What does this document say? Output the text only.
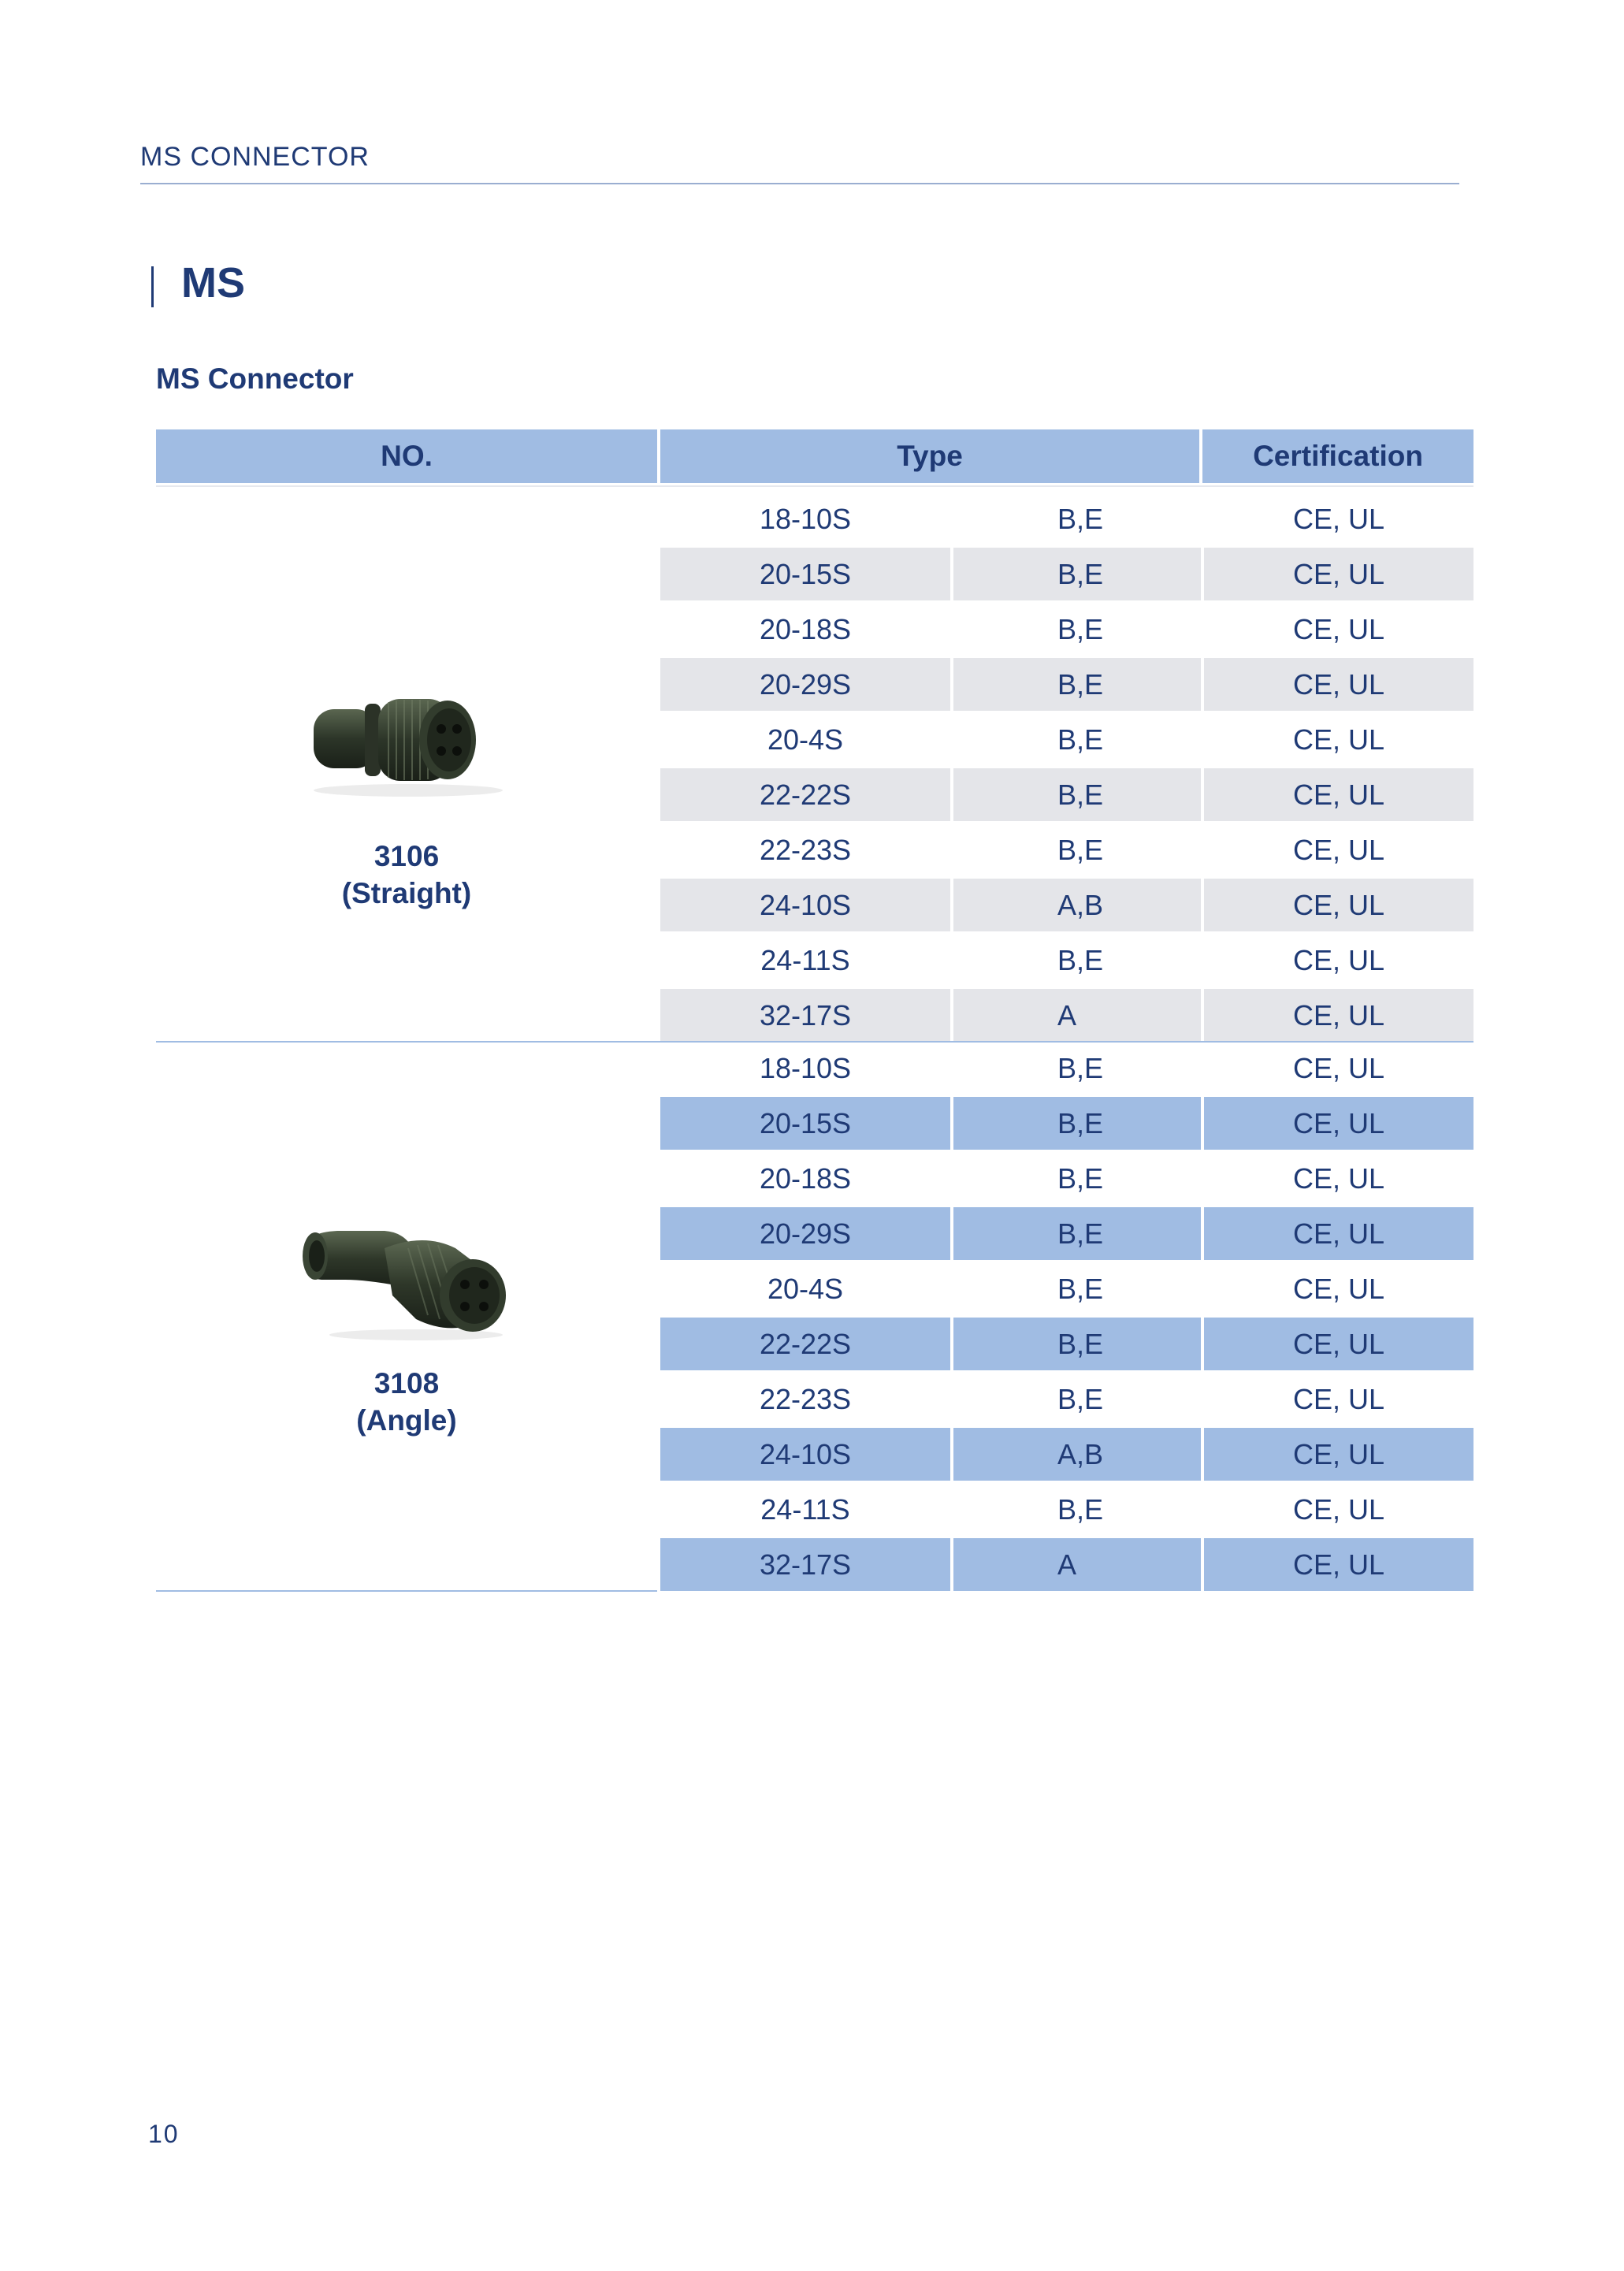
MS CONNECTOR
MS
MS Connector
NO.	Type	Certification
3106
(Straight)
18-10S	B,E	CE, UL
20-15S	B,E	CE, UL
20-18S	B,E	CE, UL
20-29S	B,E	CE, UL
20-4S	B,E	CE, UL
22-22S	B,E	CE, UL
22-23S	B,E	CE, UL
24-10S	A,B	CE, UL
24-11S	B,E	CE, UL
32-17S	A	CE, UL
3108
(Angle)
18-10S	B,E	CE, UL
20-15S	B,E	CE, UL
20-18S	B,E	CE, UL
20-29S	B,E	CE, UL
20-4S	B,E	CE, UL
22-22S	B,E	CE, UL
22-23S	B,E	CE, UL
24-10S	A,B	CE, UL
24-11S	B,E	CE, UL
32-17S	A	CE, UL
10
